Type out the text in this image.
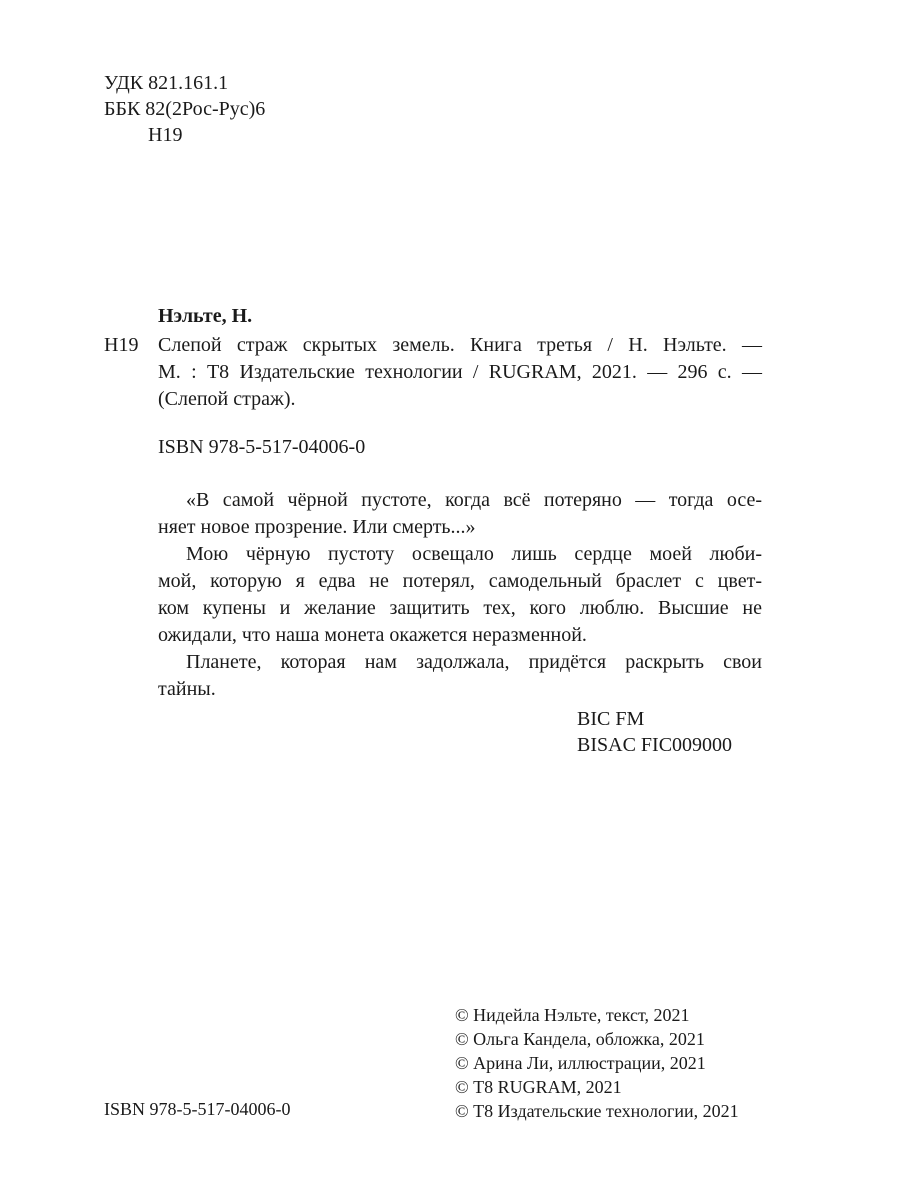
УДК 821.161.1
ББК 82(2Рос-Рус)6
Н19
Нэльте, Н.
Н19 Слепой страж скрытых земель. Книга третья / Н. Нэльте. —
М. : Т8 Издательские технологии / RUGRAM, 2021. — 296 с. —
(Слепой страж).
ISBN 978-5-517-04006-0
«В самой чёрной пустоте, когда всё потеряно — тогда осе-
няет новое прозрение. Или смерть...»
Мою чёрную пустоту освещало лишь сердце моей люби-
мой, которую я едва не потерял, самодельный браслет с цвет-
ком купены и желание защитить тех, кого люблю. Высшие не
ожидали, что наша монета окажется неразменной.
Планете, которая нам задолжала, придётся раскрыть свои
тайны.
BIC FM
BISAC FIC009000
ISBN 978-5-517-04006-0
© Нидейла Нэльте, текст, 2021
© Ольга Кандела, обложка, 2021
© Арина Ли, иллюстрации, 2021
© Т8 RUGRAM, 2021
© Т8 Издательские технологии, 2021
